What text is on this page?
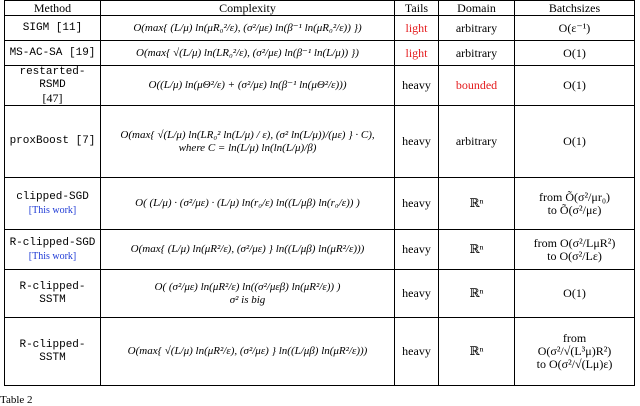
Method	Complexity	Tails	Domain	Batchsizes

SIGM [11]	O(max{ (L/μ) ln(μR₀²/ε), (σ²/με) ln(β⁻¹ ln(μR₀²/ε)) })	light	arbitrary	O(ε⁻¹)

MS-AC-SA [19]	O(max{ √(L/μ) ln(LR₀²/ε), (σ²/με) ln(β⁻¹ ln(L/μ)) })	light	arbitrary	O(1)

restarted-RSMD
[47]	O((L/μ) ln(μΘ²/ε) + (σ²/με) ln(β⁻¹ ln(μΘ²/ε)))	heavy	bounded	O(1)

proxBoost [7]	O(max{ √(L/μ) ln(LR₀² ln(L/μ) / ε), (σ² ln(L/μ))/(με) } · C),
where C = ln(L/μ) ln(ln(L/μ)/β)	heavy	arbitrary	O(1)

clipped-SGD
[This work]	O( (L/μ) · (σ²/με) · (L/μ) ln(r₀/ε) ln((L/μβ) ln(r₀/ε)) )	heavy	ℝⁿ	from Õ(σ²/μr₀)
to Õ(σ²/με)

R-clipped-SGD
[This work]	O(max{ (L/μ) ln(μR²/ε), (σ²/με) } ln((L/μβ) ln(μR²/ε)))	heavy	ℝⁿ	from O(σ²/LμR²)
to O(σ²/Lε)

R-clipped-SSTM	O( (σ²/με) ln(μR²/ε) ln((σ²/μεβ) ln(μR²/ε)) )
σ² is big	heavy	ℝⁿ	O(1)

R-clipped-SSTM	O(max{ √(L/μ) ln(μR²/ε), (σ²/με) } ln((L/μβ) ln(μR²/ε)))	heavy	ℝⁿ	from
O(σ²/√(L³μ)R²)
to O(σ²/√(Lμ)ε)
Table 2
